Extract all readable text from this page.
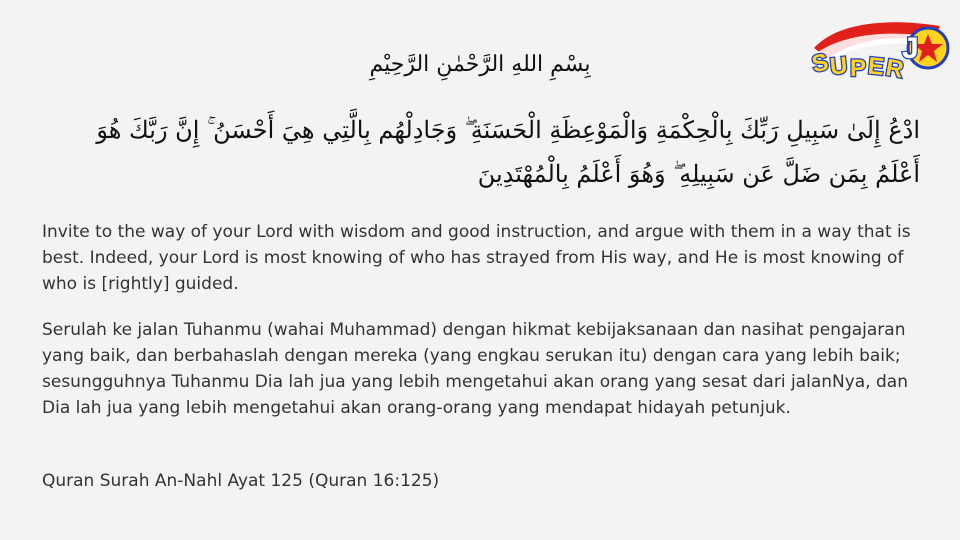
S
U P E
R
J
بِسْمِ اللهِ الرَّحْمٰنِ الرَّحِيْمِ
ادْعُ إِلَىٰ سَبِيلِ رَبِّكَ بِالْحِكْمَةِ وَالْمَوْعِظَةِ الْحَسَنَةِ ۖ وَجَادِلْهُم بِالَّتِي هِيَ أَحْسَنُ ۚ إِنَّ رَبَّكَ هُوَ أَعْلَمُ بِمَن ضَلَّ عَن سَبِيلِهِ ۖ وَهُوَ أَعْلَمُ بِالْمُهْتَدِينَ

Invite to the way of your Lord with wisdom and good instruction, and argue with them in a way that is best. Indeed, your Lord is most knowing of who has strayed from His way, and He is most knowing of who is [rightly] guided.

Serulah ke jalan Tuhanmu (wahai Muhammad) dengan hikmat kebijaksanaan dan nasihat pengajaran yang baik, dan berbahaslah dengan mereka (yang engkau serukan itu) dengan cara yang lebih baik; sesungguhnya Tuhanmu Dia lah jua yang lebih mengetahui akan orang yang sesat dari jalanNya, dan Dia lah jua yang lebih mengetahui akan orang-orang yang mendapat hidayah petunjuk.

Quran Surah An-Nahl Ayat 125 (Quran 16:125)
